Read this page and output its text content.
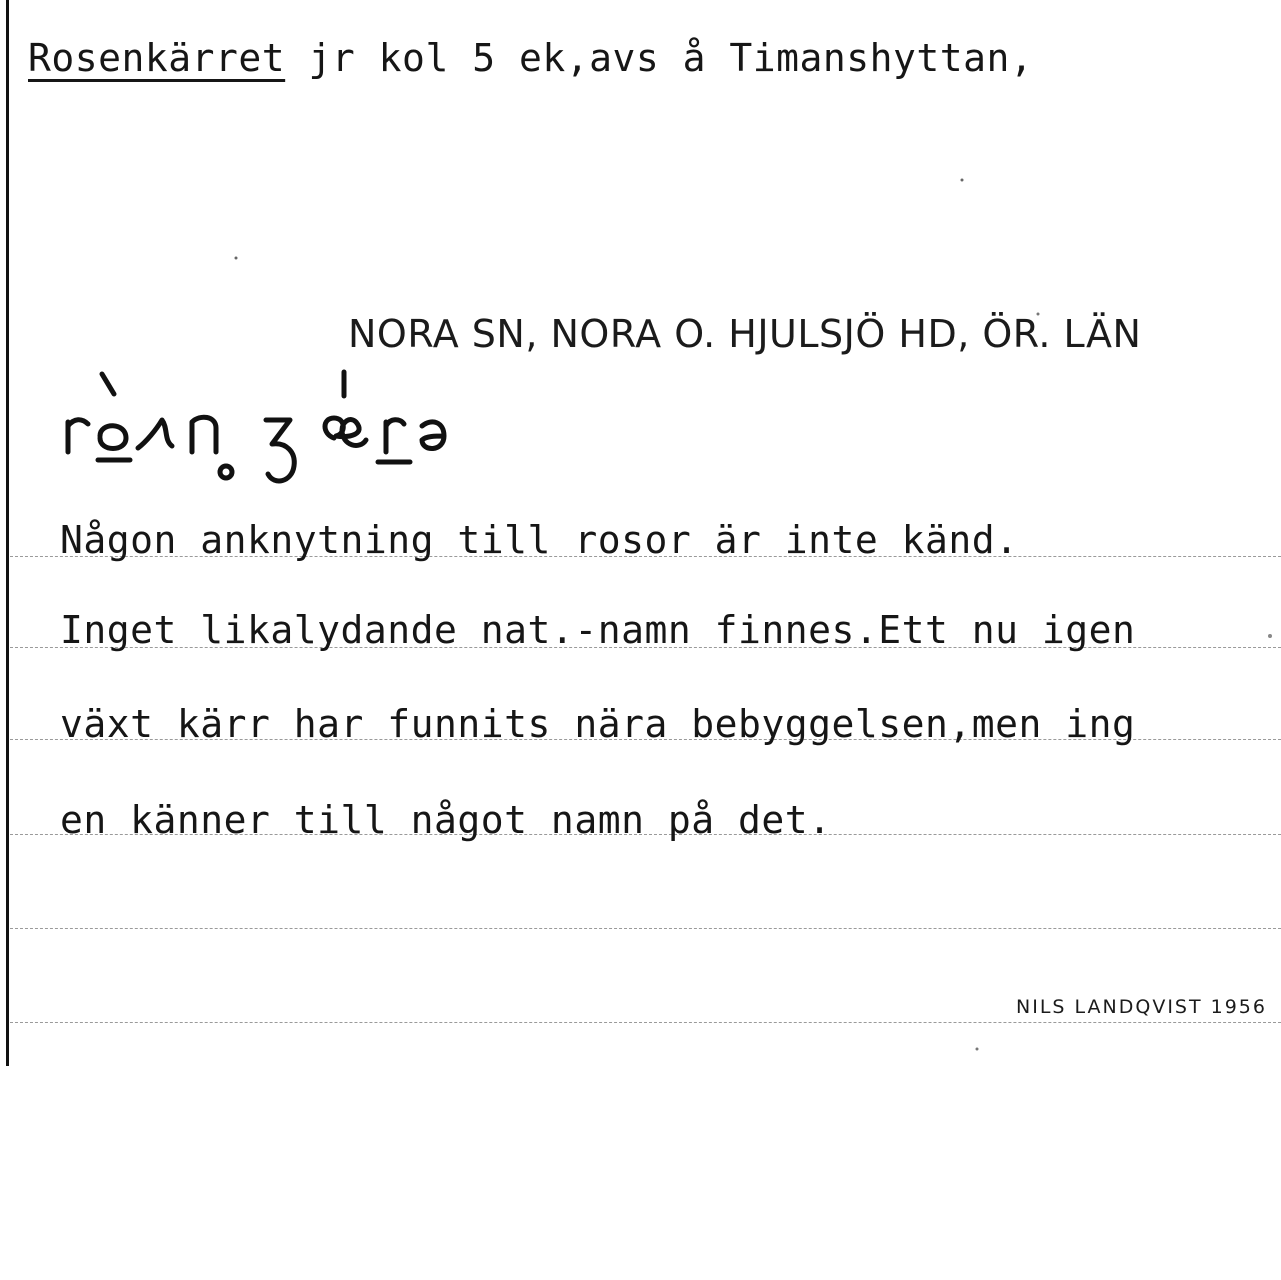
Rosenkärret jr kol 5 ek,avs å Timanshyttan,
NORA SN, NORA O. HJULSJÖ HD, ÖR. LÄN
Någon anknytning till rosor är inte känd.
Inget likalydande nat.-namn finnes.Ett nu igen
växt kärr har funnits nära bebyggelsen,men ing
en känner till något namn på det.
NILS LANDQVIST 1956
